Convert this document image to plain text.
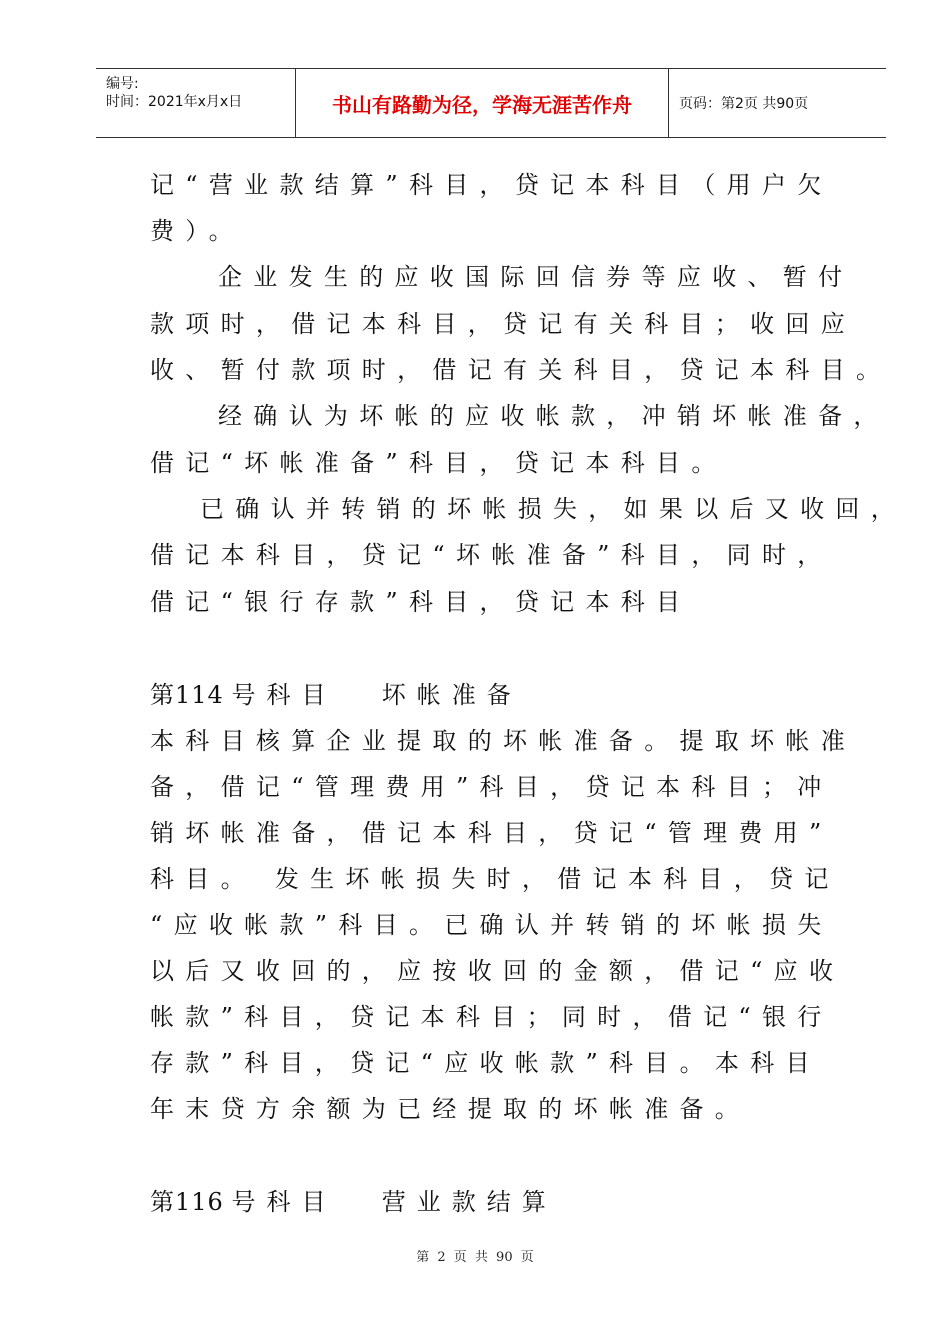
编号:
时间：2021年x月x日	书山有路勤为径，学海无涯苦作舟	页码：第2页 共90页
记“营业款结算”科目，贷记本科目（用户欠
费）。
企业发生的应收国际回信券等应收、暂付
款项时，借记本科目，贷记有关科目；收回应
收、暂付款项时，借记有关科目，贷记本科目。
经确认为坏帐的应收帐款，冲销坏帐准备，
借记“坏帐准备”科目，贷记本科目。
已确认并转销的坏帐损失，如果以后又收回，
借记本科目，贷记“坏帐准备”科目，同时，
借记“银行存款”科目，贷记本科目
第114 号科目 坏帐准备
本科目核算企业提取的坏帐准备。提取坏帐准
备，借记“管理费用”科目，贷记本科目；冲
销坏帐准备，借记本科目，贷记“管理费用”
科目。 发生坏帐损失时，借记本科目，贷记
“应收帐款”科目。已确认并转销的坏帐损失
以后又收回的，应按收回的金额，借记“应收
帐款”科目，贷记本科目；同时，借记“银行
存款”科目，贷记“应收帐款”科目。本科目
年末贷方余额为已经提取的坏帐准备。
第116 号科目 营业款结算
第 2 页 共 90 页
